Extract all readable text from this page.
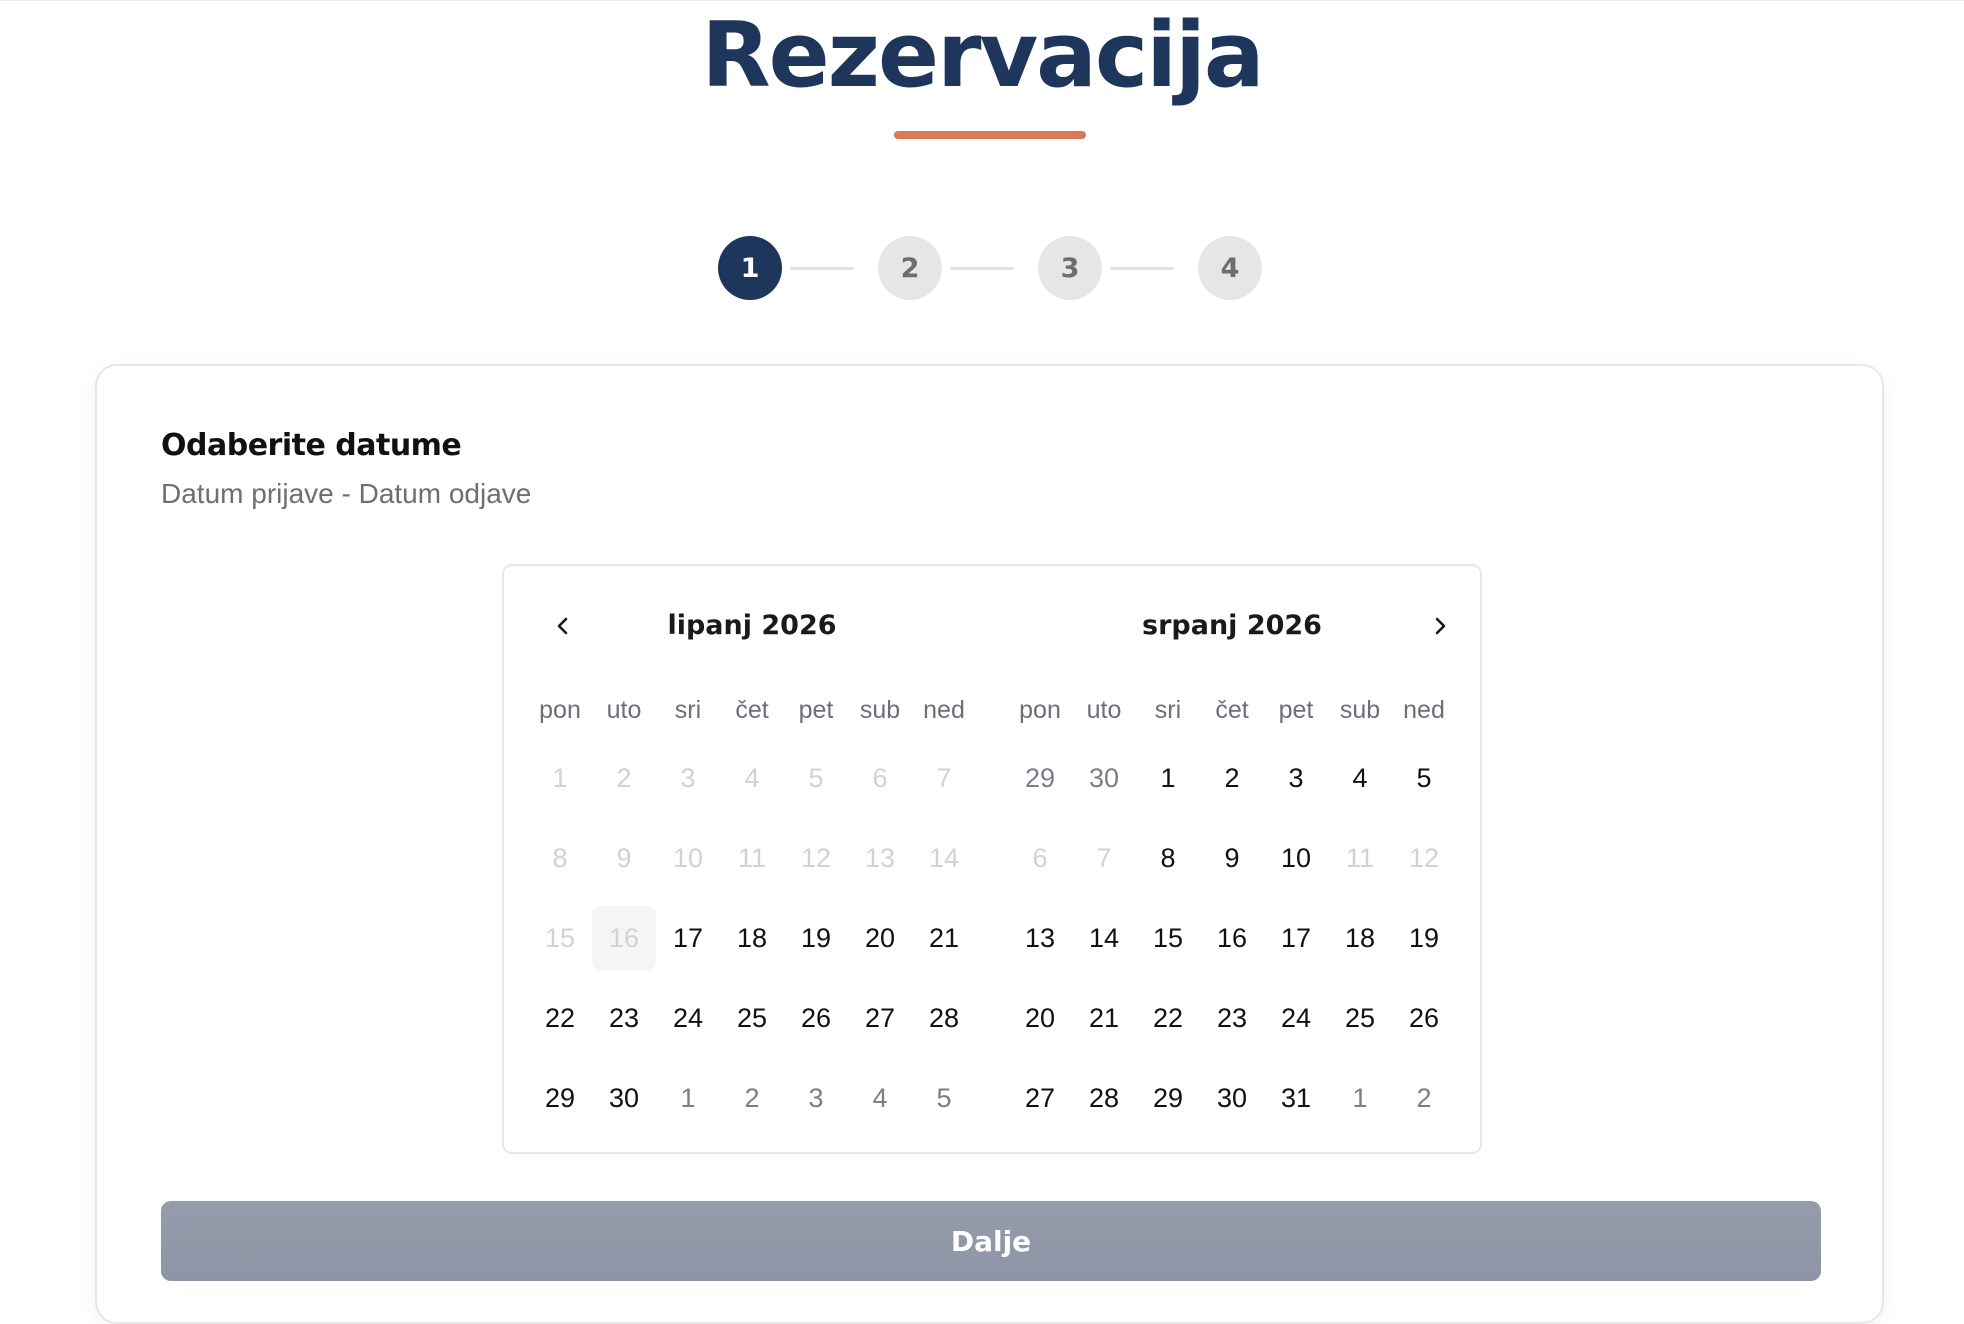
Rezervacija
1	2	3	4
Odaberite datume
Datum prijave - Datum odjave
lipanj 2026
pon	uto	sri	čet	pet	sub ned
1	2	3	4	5	6	7
8	9	10	11	12	13	14
15	16	17	18	19	20	21
22	23	24	25	26	27	28
29	30	1	2	3	4	5
srpanj 2026
pon	uto	sri	čet	pet	sub ned
29	30	1	2	3	4	5
6	7	8	9	10	11	12
13	14	15	16	17	18	19
20	21	22	23	24	25	26
27	28	29	30	31	1	2
Dalje
